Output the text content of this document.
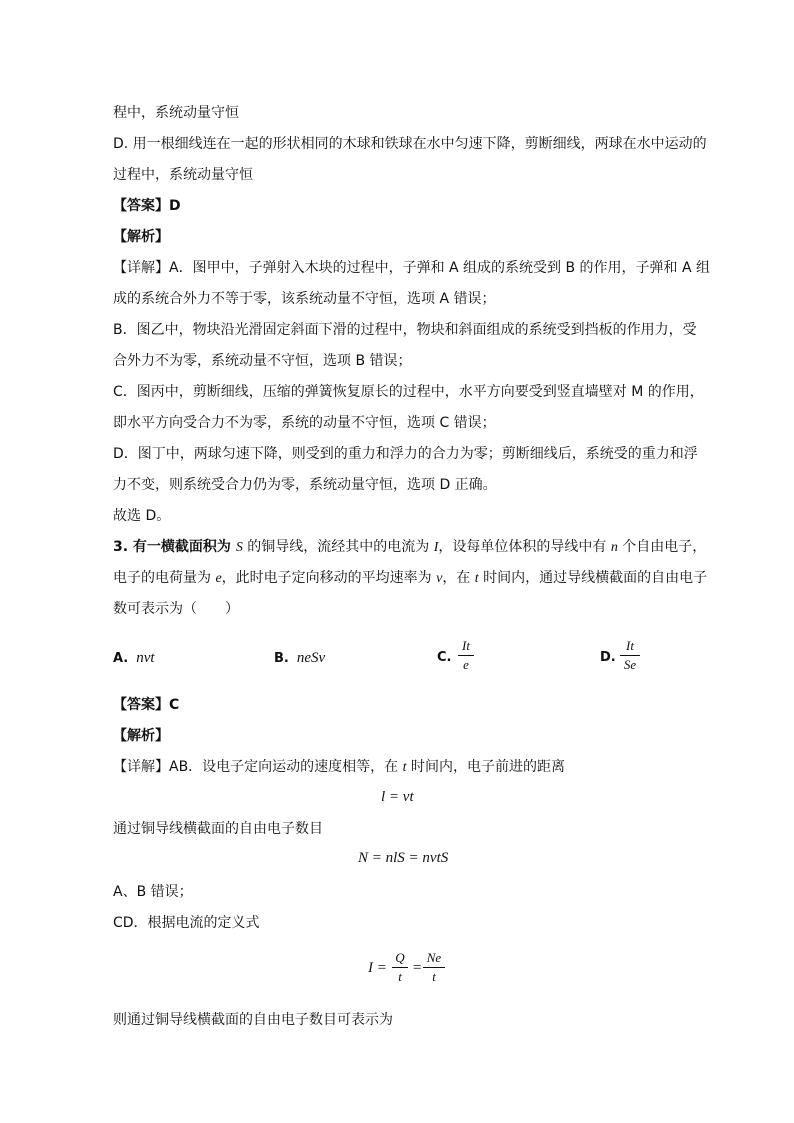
程中，系统动量守恒
D. 用一根细线连在一起的形状相同的木球和铁球在水中匀速下降，剪断细线，两球在水中运动的
过程中，系统动量守恒
【答案】D
【解析】
【详解】A．图甲中，子弹射入木块的过程中，子弹和 A 组成的系统受到 B 的作用，子弹和 A 组
成的系统合外力不等于零，该系统动量不守恒，选项 A 错误；
B．图乙中，物块沿光滑固定斜面下滑的过程中，物块和斜面组成的系统受到挡板的作用力，受
合外力不为零，系统动量不守恒，选项 B 错误；
C．图丙中，剪断细线，压缩的弹簧恢复原长的过程中，水平方向要受到竖直墙壁对 M 的作用，
即水平方向受合力不为零，系统的动量不守恒，选项 C 错误；
D．图丁中，两球匀速下降，则受到的重力和浮力的合力为零；剪断细线后，系统受的重力和浮
力不变，则系统受合力仍为零，系统动量守恒，选项 D 正确。
故选 D。
3. 有一横截面积为 S 的铜导线，流经其中的电流为 I，设每单位体积的导线中有 n 个自由电子，
电子的电荷量为 e，此时电子定向移动的平均速率为 v，在 t 时间内，通过导线横截面的自由电子
数可表示为（　　）
A. nvt	B. neSv	C.
It
e	D.
It
Se
【答案】C
【解析】
【详解】AB．设电子定向运动的速度相等，在 t 时间内，电子前进的距离
l = vt
通过铜导线横截面的自由电子数目
N = nlS = nvtS
A、B 错误；
CD．根据电流的定义式
I =
Q
t
=
Ne
t
则通过铜导线横截面的自由电子数目可表示为
